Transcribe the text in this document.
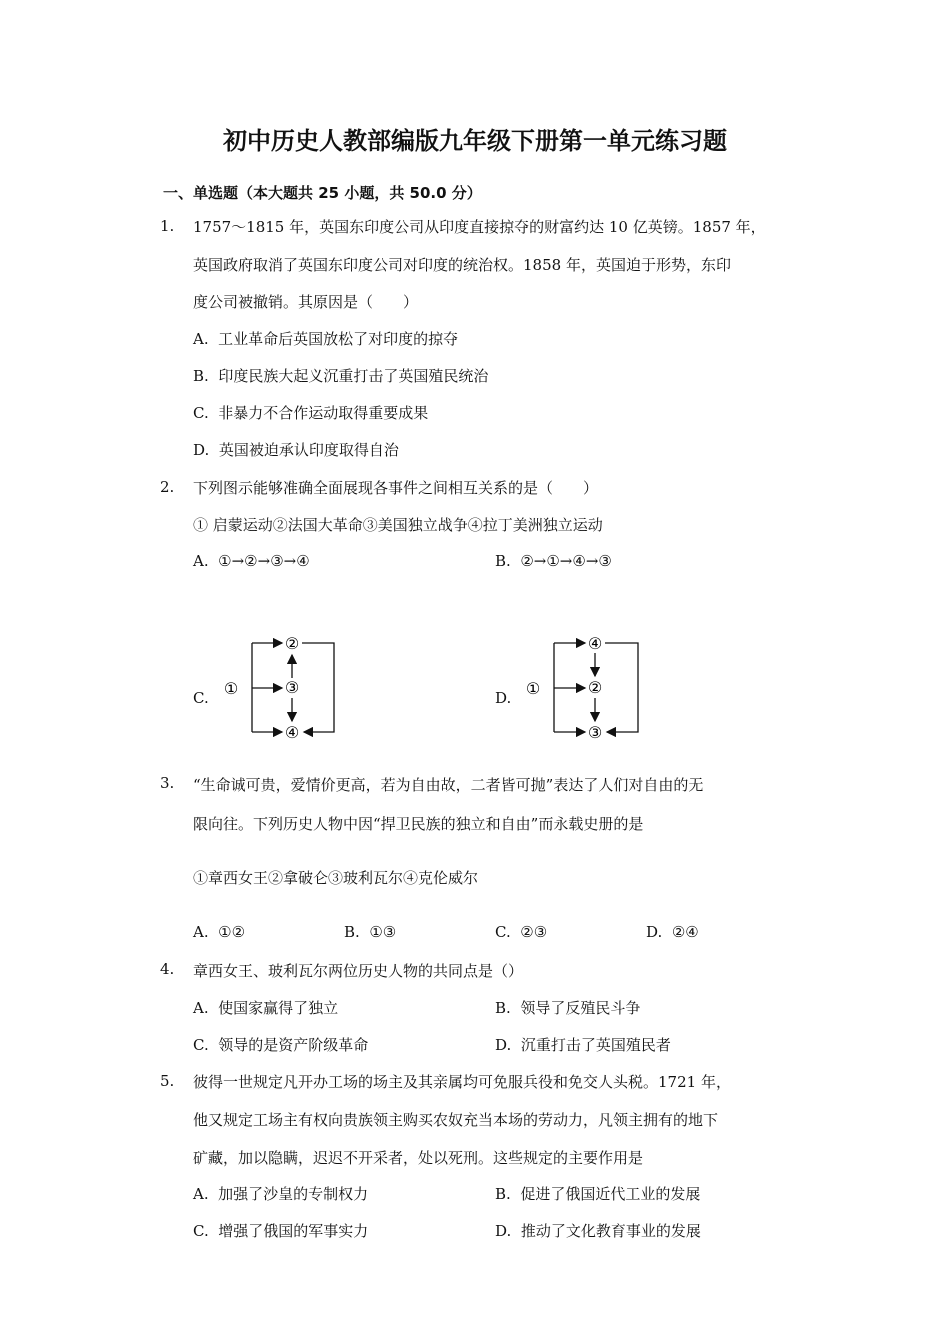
初中历史人教部编版九年级下册第一单元练习题
一、单选题（本大题共 25 小题，共 50.0 分）
1. 1757～1815 年，英国东印度公司从印度直接掠夺的财富约达 10 亿英镑。1857 年，
英国政府取消了英国东印度公司对印度的统治权。1858 年，英国迫于形势，东印
度公司被撤销。其原因是（　　）
A. 工业革命后英国放松了对印度的掠夺
B. 印度民族大起义沉重打击了英国殖民统治
C. 非暴力不合作运动取得重要成果
D. 英国被迫承认印度取得自治
2. 下列图示能够准确全面展现各事件之间相互关系的是（　　）
① 启蒙运动②法国大革命③美国独立战争④拉丁美洲独立运动
A. ①→②→③→④	B. ②→①→④→③
C. ①
②
③
④
D. ①
④
②
③
3. “生命诚可贵，爱情价更高，若为自由故，二者皆可抛”表达了人们对自由的无
限向往。下列历史人物中因“捍卫民族的独立和自由”而永载史册的是
①章西女王②拿破仑③玻利瓦尔④克伦威尔
A. ①②	B. ①③	C. ②③	D. ②④
4. 章西女王、玻利瓦尔两位历史人物的共同点是（）
A. 使国家赢得了独立	B. 领导了反殖民斗争
C. 领导的是资产阶级革命	D. 沉重打击了英国殖民者
5. 彼得一世规定凡开办工场的场主及其亲属均可免服兵役和免交人头税。1721 年，
他又规定工场主有权向贵族领主购买农奴充当本场的劳动力，凡领主拥有的地下
矿藏，加以隐瞒，迟迟不开采者，处以死刑。这些规定的主要作用是
A. 加强了沙皇的专制权力	B. 促进了俄国近代工业的发展
C. 增强了俄国的军事实力	D. 推动了文化教育事业的发展
